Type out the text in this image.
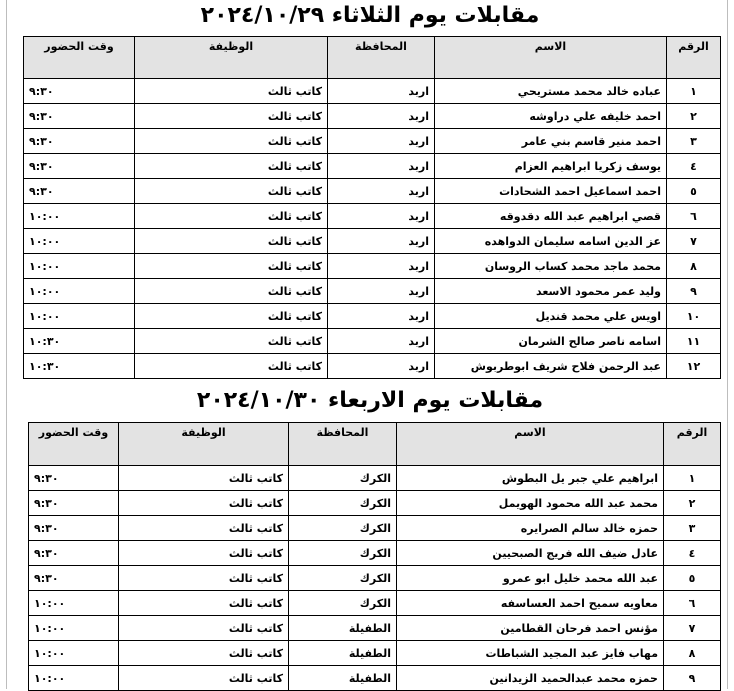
مقابلات يوم الثلاثاء ٢٠٢٤/١٠/٢٩
الرقم	الاسم	المحافظة	الوظيفة	وقت الحضور

١	عباده خالد محمد مستريحي	اربد	كاتب ثالث	٩:٣٠
٢	احمد خليفه علي دراوشه	اربد	كاتب ثالث	٩:٣٠
٣	احمد منير قاسم بني عامر	اربد	كاتب ثالث	٩:٣٠
٤	يوسف زكريا ابراهيم العزام	اربد	كاتب ثالث	٩:٣٠
٥	احمد اسماعيل احمد الشحادات	اربد	كاتب ثالث	٩:٣٠
٦	قصي ابراهيم عبد الله دقدوقه	اربد	كاتب ثالث	١٠:٠٠
٧	عز الدين اسامه سليمان الدواهده	اربد	كاتب ثالث	١٠:٠٠
٨	محمد ماجد محمد كساب الروسان	اربد	كاتب ثالث	١٠:٠٠
٩	وليد عمر محمود الاسعد	اربد	كاتب ثالث	١٠:٠٠
١٠	اويس علي محمد قنديل	اربد	كاتب ثالث	١٠:٠٠
١١	اسامه ناصر صالح الشرمان	اربد	كاتب ثالث	١٠:٣٠
١٢	عبد الرحمن فلاح شريف ابوطربوش	اربد	كاتب ثالث	١٠:٣٠
مقابلات يوم الاربعاء ٢٠٢٤/١٠/٣٠
الرقم	الاسم	المحافظة	الوظيفة	وقت الحضور

١	ابراهيم علي جبر يل البطوش	الكرك	كاتب ثالث	٩:٣٠
٢	محمد عبد الله محمود الهويمل	الكرك	كاتب ثالث	٩:٣٠
٣	حمزه خالد سالم الصرايره	الكرك	كاتب ثالث	٩:٣٠
٤	عادل ضيف الله فريج الصبحيين	الكرك	كاتب ثالث	٩:٣٠
٥	عبد الله محمد خليل ابو عمرو	الكرك	كاتب ثالث	٩:٣٠
٦	معاويه سميح احمد العساسفه	الكرك	كاتب ثالث	١٠:٠٠
٧	مؤنس احمد فرحان القطامين	الطفيلة	كاتب ثالث	١٠:٠٠
٨	مهاب فايز عبد المجيد الشباطات	الطفيلة	كاتب ثالث	١٠:٠٠
٩	حمزه محمد عبدالحميد الزيدانين	الطفيلة	كاتب ثالث	١٠:٠٠
